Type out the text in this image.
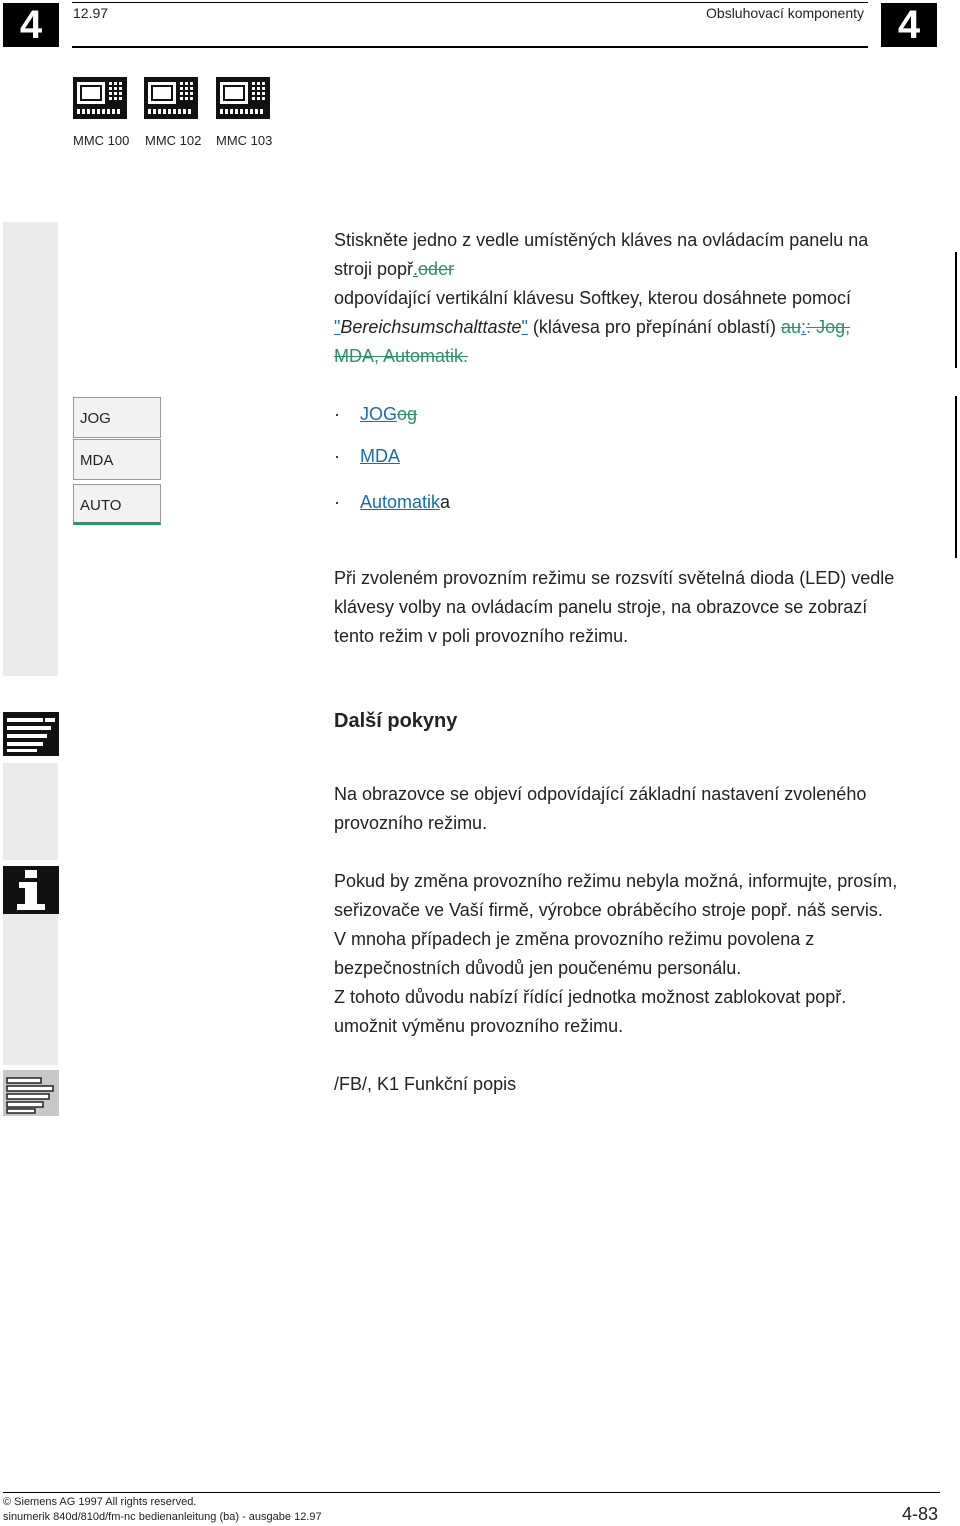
4	12.97	Obsluhovací komponenty 4
MMC 100 MMC 102 MMC 103
Stiskněte jedno z vedle umístěných kláves na ovládacím panelu na
stroji popř.oder
odpovídající vertikální klávesu Softkey, kterou dosáhnete pomocí
"Bereichsumschalttaste" (klávesa pro přepínání oblastí) au:: Jog,
MDA, Automatik.
JOG
MDA
AUTO
· JOGog
· MDA
· Automatika
Při zvoleném provozním režimu se rozsvítí světelná dioda (LED) vedle
klávesy volby na ovládacím panelu stroje, na obrazovce se zobrazí
tento režim v poli provozního režimu.
Další pokyny
Na obrazovce se objeví odpovídající základní nastavení zvoleného
provozního režimu.
Pokud by změna provozního režimu nebyla možná, informujte, prosím,
seřizovače ve Vaší firmě, výrobce obráběcího stroje popř. náš servis.
V mnoha případech je změna provozního režimu povolena z
bezpečnostních důvodů jen poučenému personálu.
Z tohoto důvodu nabízí řídící jednotka možnost zablokovat popř.
umožnit výměnu provozního režimu.
/FB/, K1 Funkční popis
© Siemens AG 1997 All rights reserved.
sinumerik 840d/810d/fm-nc bedienanleitung (ba) - ausgabe 12.97	4-83
